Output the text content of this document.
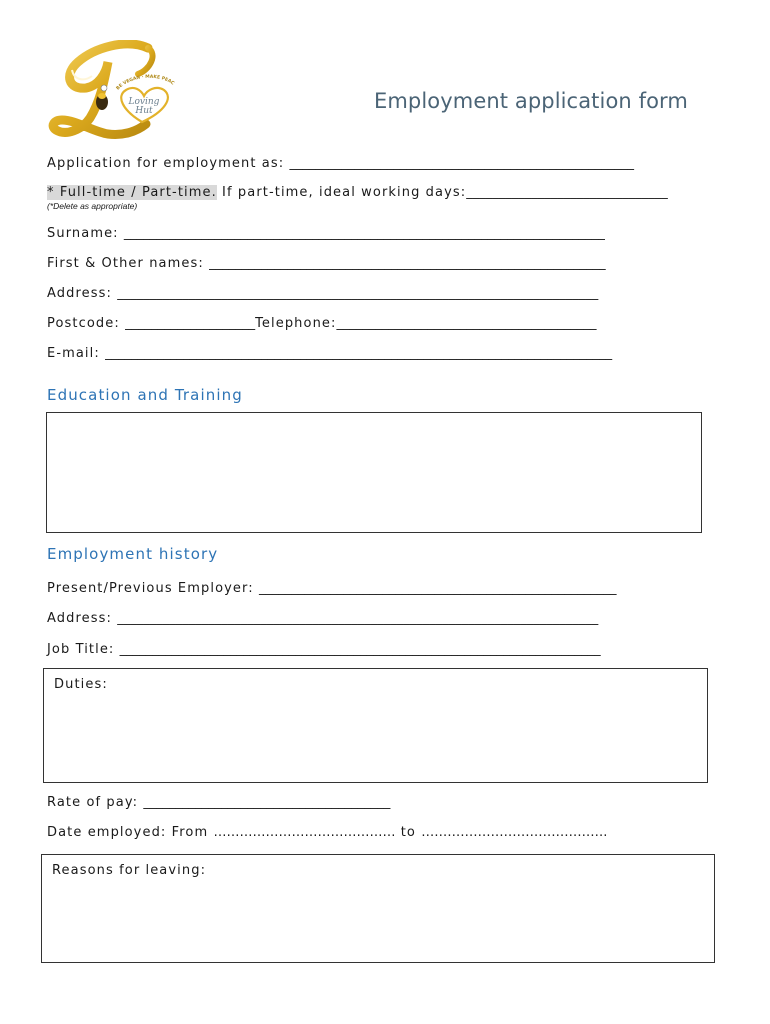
Loving
Hut
BE VEGAN · MAKE PEAC
Employment application form
Application for employment as: _____________________________________________________
* Full-time / Part-time. If part-time, ideal working days:_______________________________
(*Delete as appropriate)
Surname: __________________________________________________________________________
First & Other names: _____________________________________________________________
Address: __________________________________________________________________________
Postcode: ____________________Telephone:________________________________________
E-mail: ______________________________________________________________________________
Education and Training
Employment history
Present/Previous Employer: _______________________________________________________
Address: __________________________________________________________________________
Job Title: __________________________________________________________________________
Duties:
Rate of pay: ______________________________________
Date employed: From …………………………………… to …………………………………….
Reasons for leaving:
